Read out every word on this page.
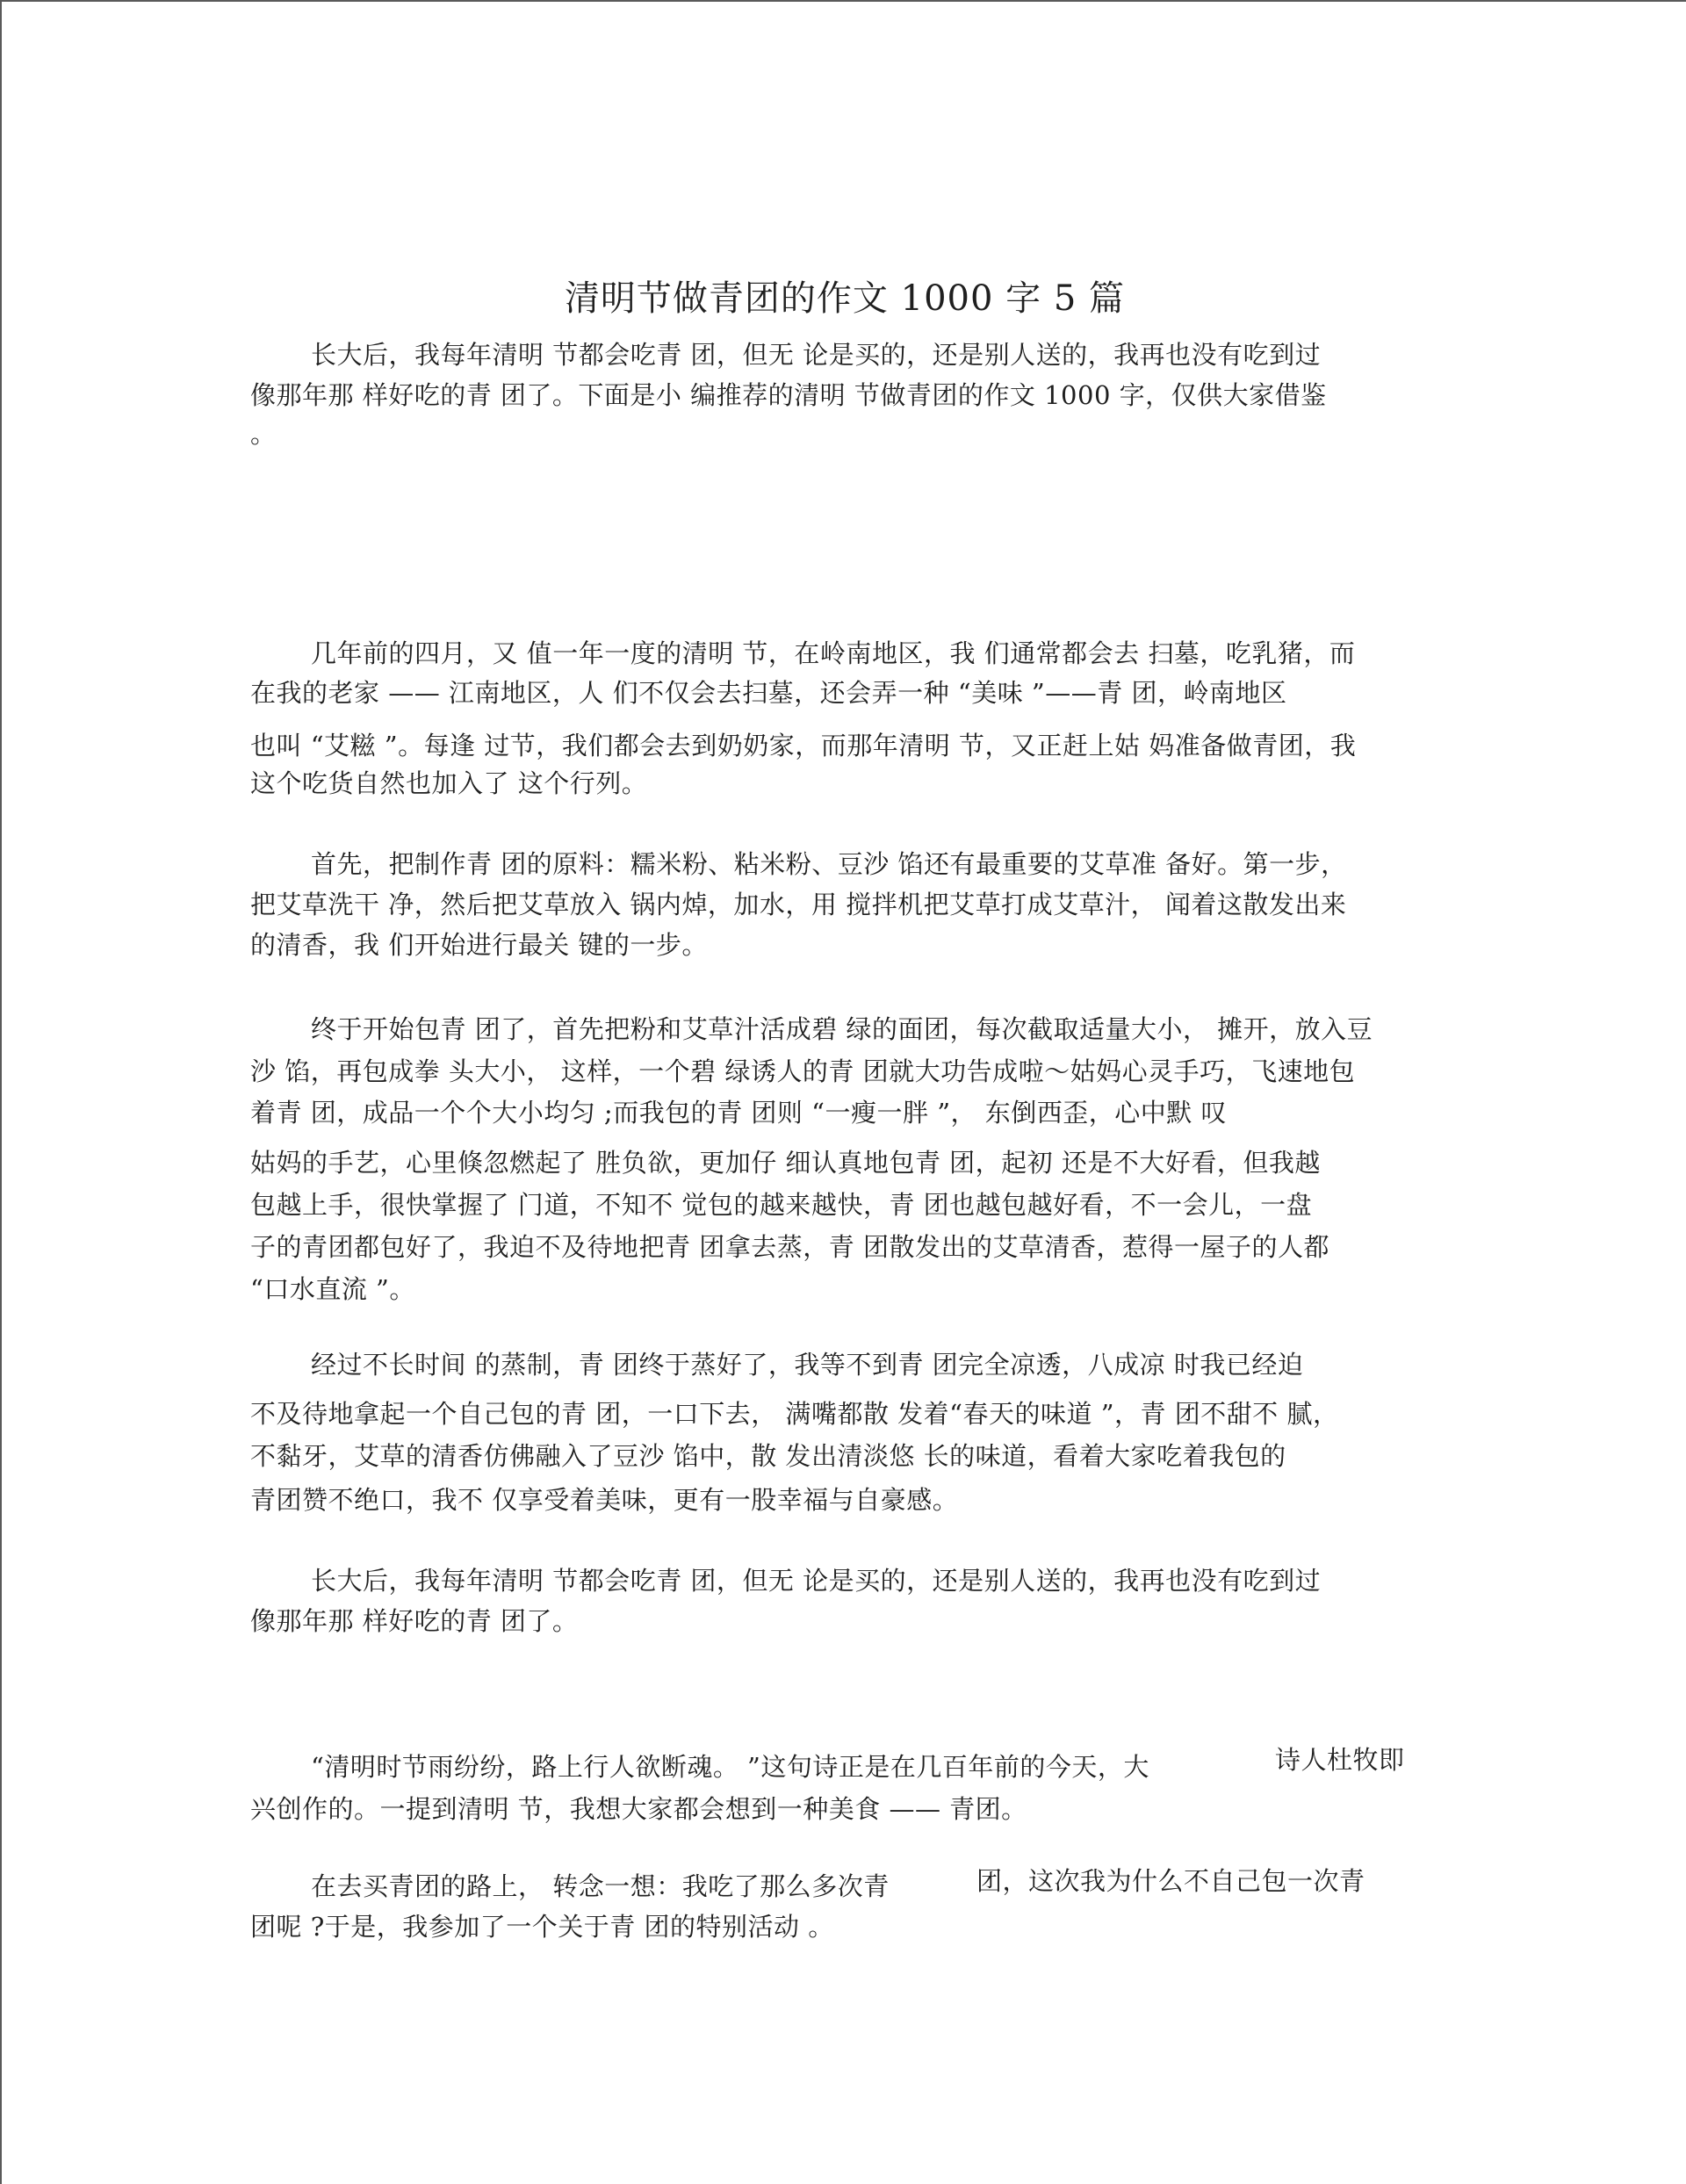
清明节做青团的作文 1000 字 5 篇
长大后，我每年清明 节都会吃青 团，但无 论是买的，还是别人送的，我再也没有吃到过
像那年那 样好吃的青 团了。下面是小 编推荐的清明 节做青团的作文 1000 字，仅供大家借鉴
。
几年前的四月，又 值一年一度的清明 节，在岭南地区，我 们通常都会去 扫墓，吃乳猪，而
在我的老家 —— 江南地区，人 们不仅会去扫墓，还会弄一种 “美味 ”——青 团，岭南地区
也叫 “艾糍 ”。每逢 过节，我们都会去到奶奶家，而那年清明 节，又正赶上姑 妈准备做青团，我
这个吃货自然也加入了 这个行列。
首先，把制作青 团的原料：糯米粉、粘米粉、豆沙 馅还有最重要的艾草准 备好。第一步，
把艾草洗干 净，然后把艾草放入 锅内焯，加水，用 搅拌机把艾草打成艾草汁， 闻着这散发出来
的清香，我 们开始进行最关 键的一步。
终于开始包青 团了，首先把粉和艾草汁活成碧 绿的面团，每次截取适量大小， 摊开，放入豆
沙 馅，再包成拳 头大小， 这样，一个碧 绿诱人的青 团就大功告成啦～姑妈心灵手巧，飞速地包
着青 团，成品一个个大小均匀 ;而我包的青 团则 “一瘦一胖 ”， 东倒西歪，心中默 叹
姑妈的手艺，心里倏忽燃起了 胜负欲，更加仔 细认真地包青 团，起初 还是不大好看，但我越
包越上手，很快掌握了 门道，不知不 觉包的越来越快，青 团也越包越好看，不一会儿，一盘
子的青团都包好了，我迫不及待地把青 团拿去蒸，青 团散发出的艾草清香，惹得一屋子的人都
“口水直流 ”。
经过不长时间 的蒸制，青 团终于蒸好了，我等不到青 团完全凉透，八成凉 时我已经迫
不及待地拿起一个自己包的青 团，一口下去， 满嘴都散 发着“春天的味道 ”，青 团不甜不 腻，
不黏牙，艾草的清香仿佛融入了豆沙 馅中，散 发出清淡悠 长的味道，看着大家吃着我包的
青团赞不绝口，我不 仅享受着美味，更有一股幸福与自豪感。
长大后，我每年清明 节都会吃青 团，但无 论是买的，还是别人送的，我再也没有吃到过
像那年那 样好吃的青 团了。
“清明时节雨纷纷，路上行人欲断魂。 ”这句诗正是在几百年前的今天，大	诗人杜牧即
兴创作的。一提到清明 节，我想大家都会想到一种美食 —— 青团。
在去买青团的路上， 转念一想：我吃了那么多次青	团，这次我为什么不自己包一次青
团呢 ?于是，我参加了一个关于青 团的特别活动 。
